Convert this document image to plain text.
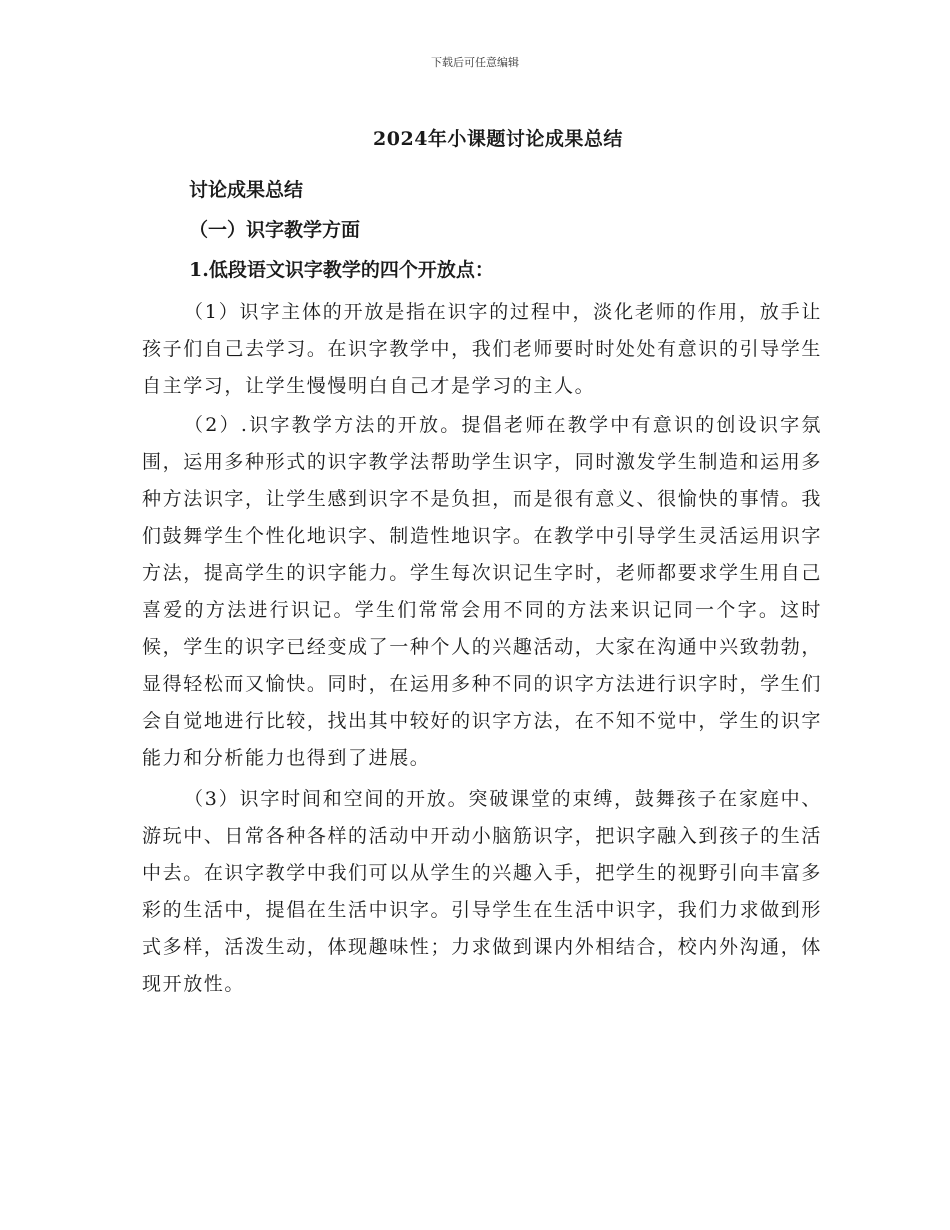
下载后可任意编辑
2024年小课题讨论成果总结

讨论成果总结

（一）识字教学方面

1.低段语文识字教学的四个开放点：

（1）识字主体的开放是指在识字的过程中，淡化老师的作用，放手让孩子们自己去学习。在识字教学中，我们老师要时时处处有意识的引导学生自主学习，让学生慢慢明白自己才是学习的主人。

（2）.识字教学方法的开放。提倡老师在教学中有意识的创设识字氛围，运用多种形式的识字教学法帮助学生识字，同时激发学生制造和运用多种方法识字，让学生感到识字不是负担，而是很有意义、很愉快的事情。我们鼓舞学生个性化地识字、制造性地识字。在教学中引导学生灵活运用识字方法，提高学生的识字能力。学生每次识记生字时，老师都要求学生用自己喜爱的方法进行识记。学生们常常会用不同的方法来识记同一个字。这时候，学生的识字已经变成了一种个人的兴趣活动，大家在沟通中兴致勃勃，显得轻松而又愉快。同时，在运用多种不同的识字方法进行识字时，学生们会自觉地进行比较，找出其中较好的识字方法，在不知不觉中，学生的识字能力和分析能力也得到了进展。

（3）识字时间和空间的开放。突破课堂的束缚，鼓舞孩子在家庭中、游玩中、日常各种各样的活动中开动小脑筋识字，把识字融入到孩子的生活中去。在识字教学中我们可以从学生的兴趣入手，把学生的视野引向丰富多彩的生活中，提倡在生活中识字。引导学生在生活中识字，我们力求做到形式多样，活泼生动，体现趣味性；力求做到课内外相结合，校内外沟通，体现开放性。
